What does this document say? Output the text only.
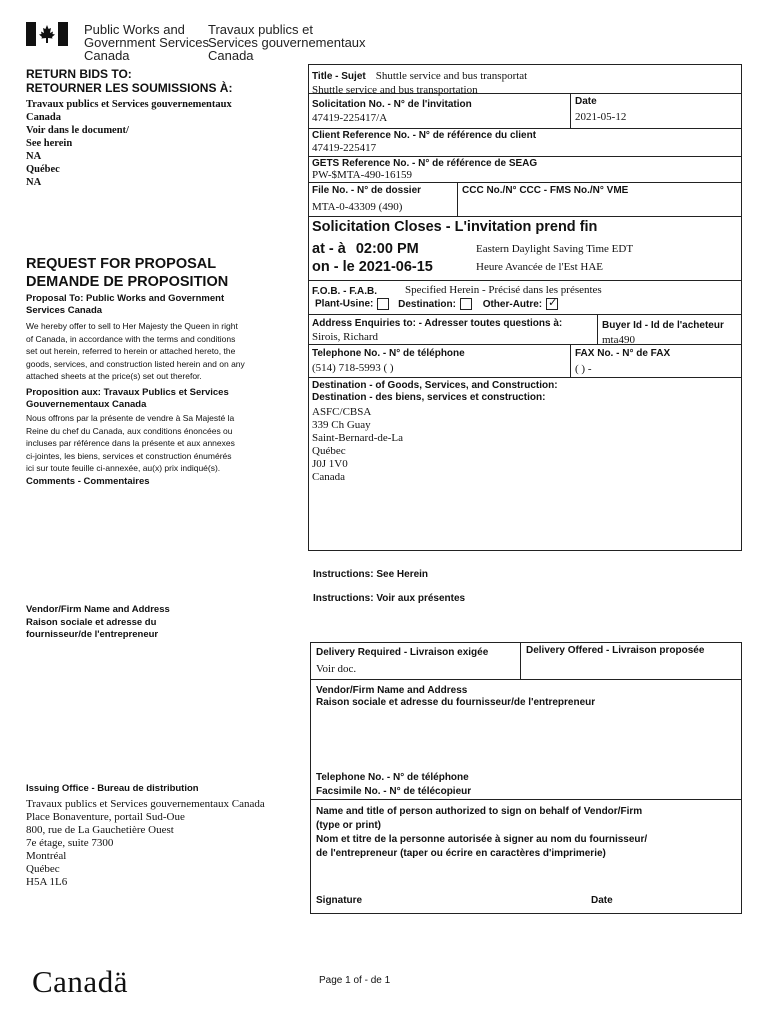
Public Works and
Government Services
Canada
Travaux publics et
Services gouvernementaux
Canada
RETURN BIDS TO:
RETOURNER LES SOUMISSIONS À:
Travaux publics et Services gouvernementaux
Canada
Voir dans le document/
See herein
NA
Québec
NA
REQUEST FOR PROPOSAL
DEMANDE DE PROPOSITION
Proposal To: Public Works and Government Services Canada
We hereby offer to sell to Her Majesty the Queen in right
of Canada, in accordance with the terms and conditions
set out herein, referred to herein or attached hereto, the
goods, services, and construction listed herein and on any
attached sheets at the price(s) set out therefor.
Proposition aux: Travaux Publics et Services Gouvernementaux Canada
Nous offrons par la présente de vendre à Sa Majesté la
Reine du chef du Canada, aux conditions énoncées ou
incluses par référence dans la présente et aux annexes
ci-jointes, les biens, services et construction énumérés
ici sur toute feuille ci-annexée, au(x) prix indiqué(s).
Comments - Commentaires
Vendor/Firm Name and Address
Raison sociale et adresse du
fournisseur/de l'entrepreneur
Issuing Office - Bureau de distribution
Travaux publics et Services gouvernementaux Canada
Place Bonaventure, portail Sud-Oue
800, rue de La Gauchetière Ouest
7e étage, suite 7300
Montréal
Québec
H5A 1L6
Title - Sujet Shuttle service and bus transportat
Shuttle service and bus transportation
Solicitation No. - N° de l'invitation
47419-225417/A
Date
2021-05-12
Client Reference No. - N° de référence du client
47419-225417
GETS Reference No. - N° de référence de SEAG
PW-$MTA-490-16159
File No. - N° de dossier
MTA-0-43309 (490)
CCC No./N° CCC - FMS No./N° VME
Solicitation Closes - L'invitation prend fin
at - à 02:00 PM
on - le 2021-06-15
Eastern Daylight Saving Time EDT
Heure Avancée de l'Est HAE
F.O.B. - F.A.B.	Specified Herein - Précisé dans les présentes
Plant-Usine: Destination:	Other-Autre: ✓
Address Enquiries to: - Adresser toutes questions à:
Sirois, Richard
Buyer Id - Id de l'acheteur
mta490
Telephone No. - N° de téléphone
(514) 718-5993 ( )
FAX No. - N° de FAX
( ) -
Destination - of Goods, Services, and Construction:
Destination - des biens, services et construction:
ASFC/CBSA
339 Ch Guay
Saint-Bernard-de-La
Québec
J0J 1V0
Canada
Instructions: See Herein
Instructions: Voir aux présentes
Delivery Required - Livraison exigée
Voir doc.
Delivery Offered - Livraison proposée
Vendor/Firm Name and Address
Raison sociale et adresse du fournisseur/de l'entrepreneur
Telephone No. - N° de téléphone
Facsimile No. - N° de télécopieur
Name and title of person authorized to sign on behalf of Vendor/Firm
(type or print)
Nom et titre de la personne autorisée à signer au nom du fournisseur/
de l'entrepreneur (taper ou écrire en caractères d'imprimerie)
Signature	Date
Canadä	Page 1 of - de 1
